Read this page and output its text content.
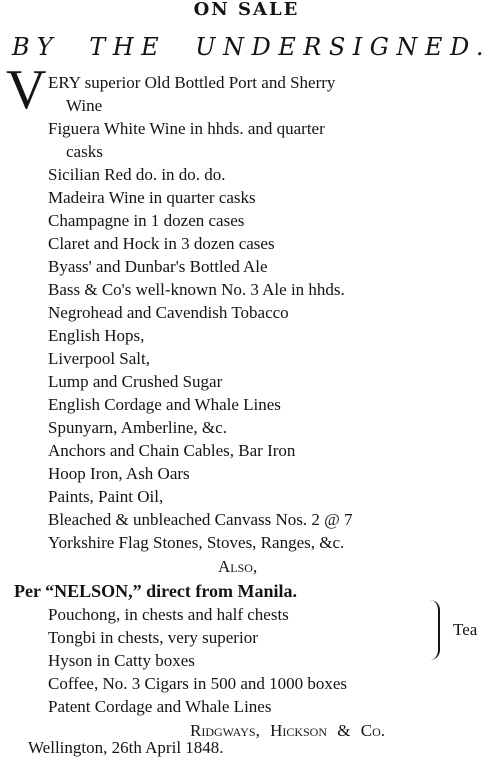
ON SALE
BY THE UNDERSIGNED.
V ERY superior Old Bottled Port and Sherry
Wine
Figuera White Wine in hhds. and quarter
casks
Sicilian Red do. in do. do.
Madeira Wine in quarter casks
Champagne in 1 dozen cases
Claret and Hock in 3 dozen cases
Byass' and Dunbar's Bottled Ale
Bass & Co's well-known No. 3 Ale in hhds.
Negrohead and Cavendish Tobacco
English Hops,
Liverpool Salt,
Lump and Crushed Sugar
English Cordage and Whale Lines
Spunyarn, Amberline, &c.
Anchors and Chain Cables, Bar Iron
Hoop Iron, Ash Oars
Paints, Paint Oil,
Bleached & unbleached Canvass Nos. 2 @ 7
Yorkshire Flag Stones, Stoves, Ranges, &c.
Also,
Per “NELSON,” direct from Manila.
Pouchong, in chests and half chests
Tongbi in chests, very superior
Hyson in Catty boxes
Tea
Coffee, No. 3 Cigars in 500 and 1000 boxes
Patent Cordage and Whale Lines
Ridgways, Hickson & Co.
Wellington, 26th April 1848.
